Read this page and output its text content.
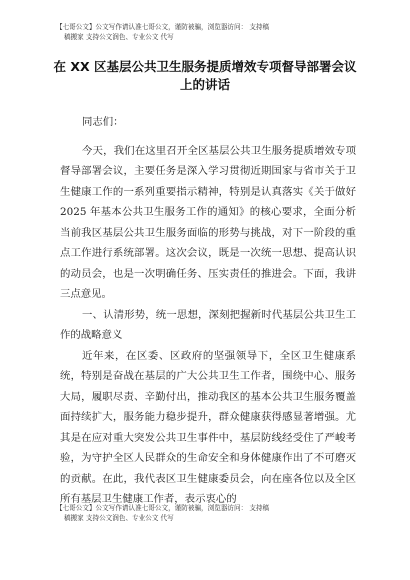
【七哥公文】公文写作请认准七哥公文，谨防被骗，浏览器访问： 支持稿
稿搬家 支持公文润色、专业公文 代写
在 XX 区基层公共卫生服务提质增效专项督导部署会议上的讲话

同志们：

今天，我们在这里召开全区基层公共卫生服务提质增效专项督导部署会议，主要任务是深入学习贯彻近期国家与省市关于卫生健康工作的一系列重要指示精神，特别是认真落实《关于做好 2025 年基本公共卫生服务工作的通知》的核心要求，全面分析当前我区基层公共卫生服务面临的形势与挑战，对下一阶段的重点工作进行系统部署。这次会议，既是一次统一思想、提高认识的动员会，也是一次明确任务、压实责任的推进会。下面，我讲三点意见。

一、认清形势，统一思想，深刻把握新时代基层公共卫生工作的战略意义

近年来，在区委、区政府的坚强领导下，全区卫生健康系统，特别是奋战在基层的广大公共卫生工作者，围绕中心、服务大局，履职尽责、辛勤付出，推动我区的基本公共卫生服务覆盖面持续扩大，服务能力稳步提升，群众健康获得感显著增强。尤其是在应对重大突发公共卫生事件中，基层防线经受住了严峻考验，为守护全区人民群众的生命安全和身体健康作出了不可磨灭的贡献。在此，我代表区卫生健康委员会，向在座各位以及全区所有基层卫生健康工作者，表示衷心的

【七哥公文】公文写作请认准七哥公文，谨防被骗，浏览器访问： 支持稿
稿搬家 支持公文润色、专业公文 代写
